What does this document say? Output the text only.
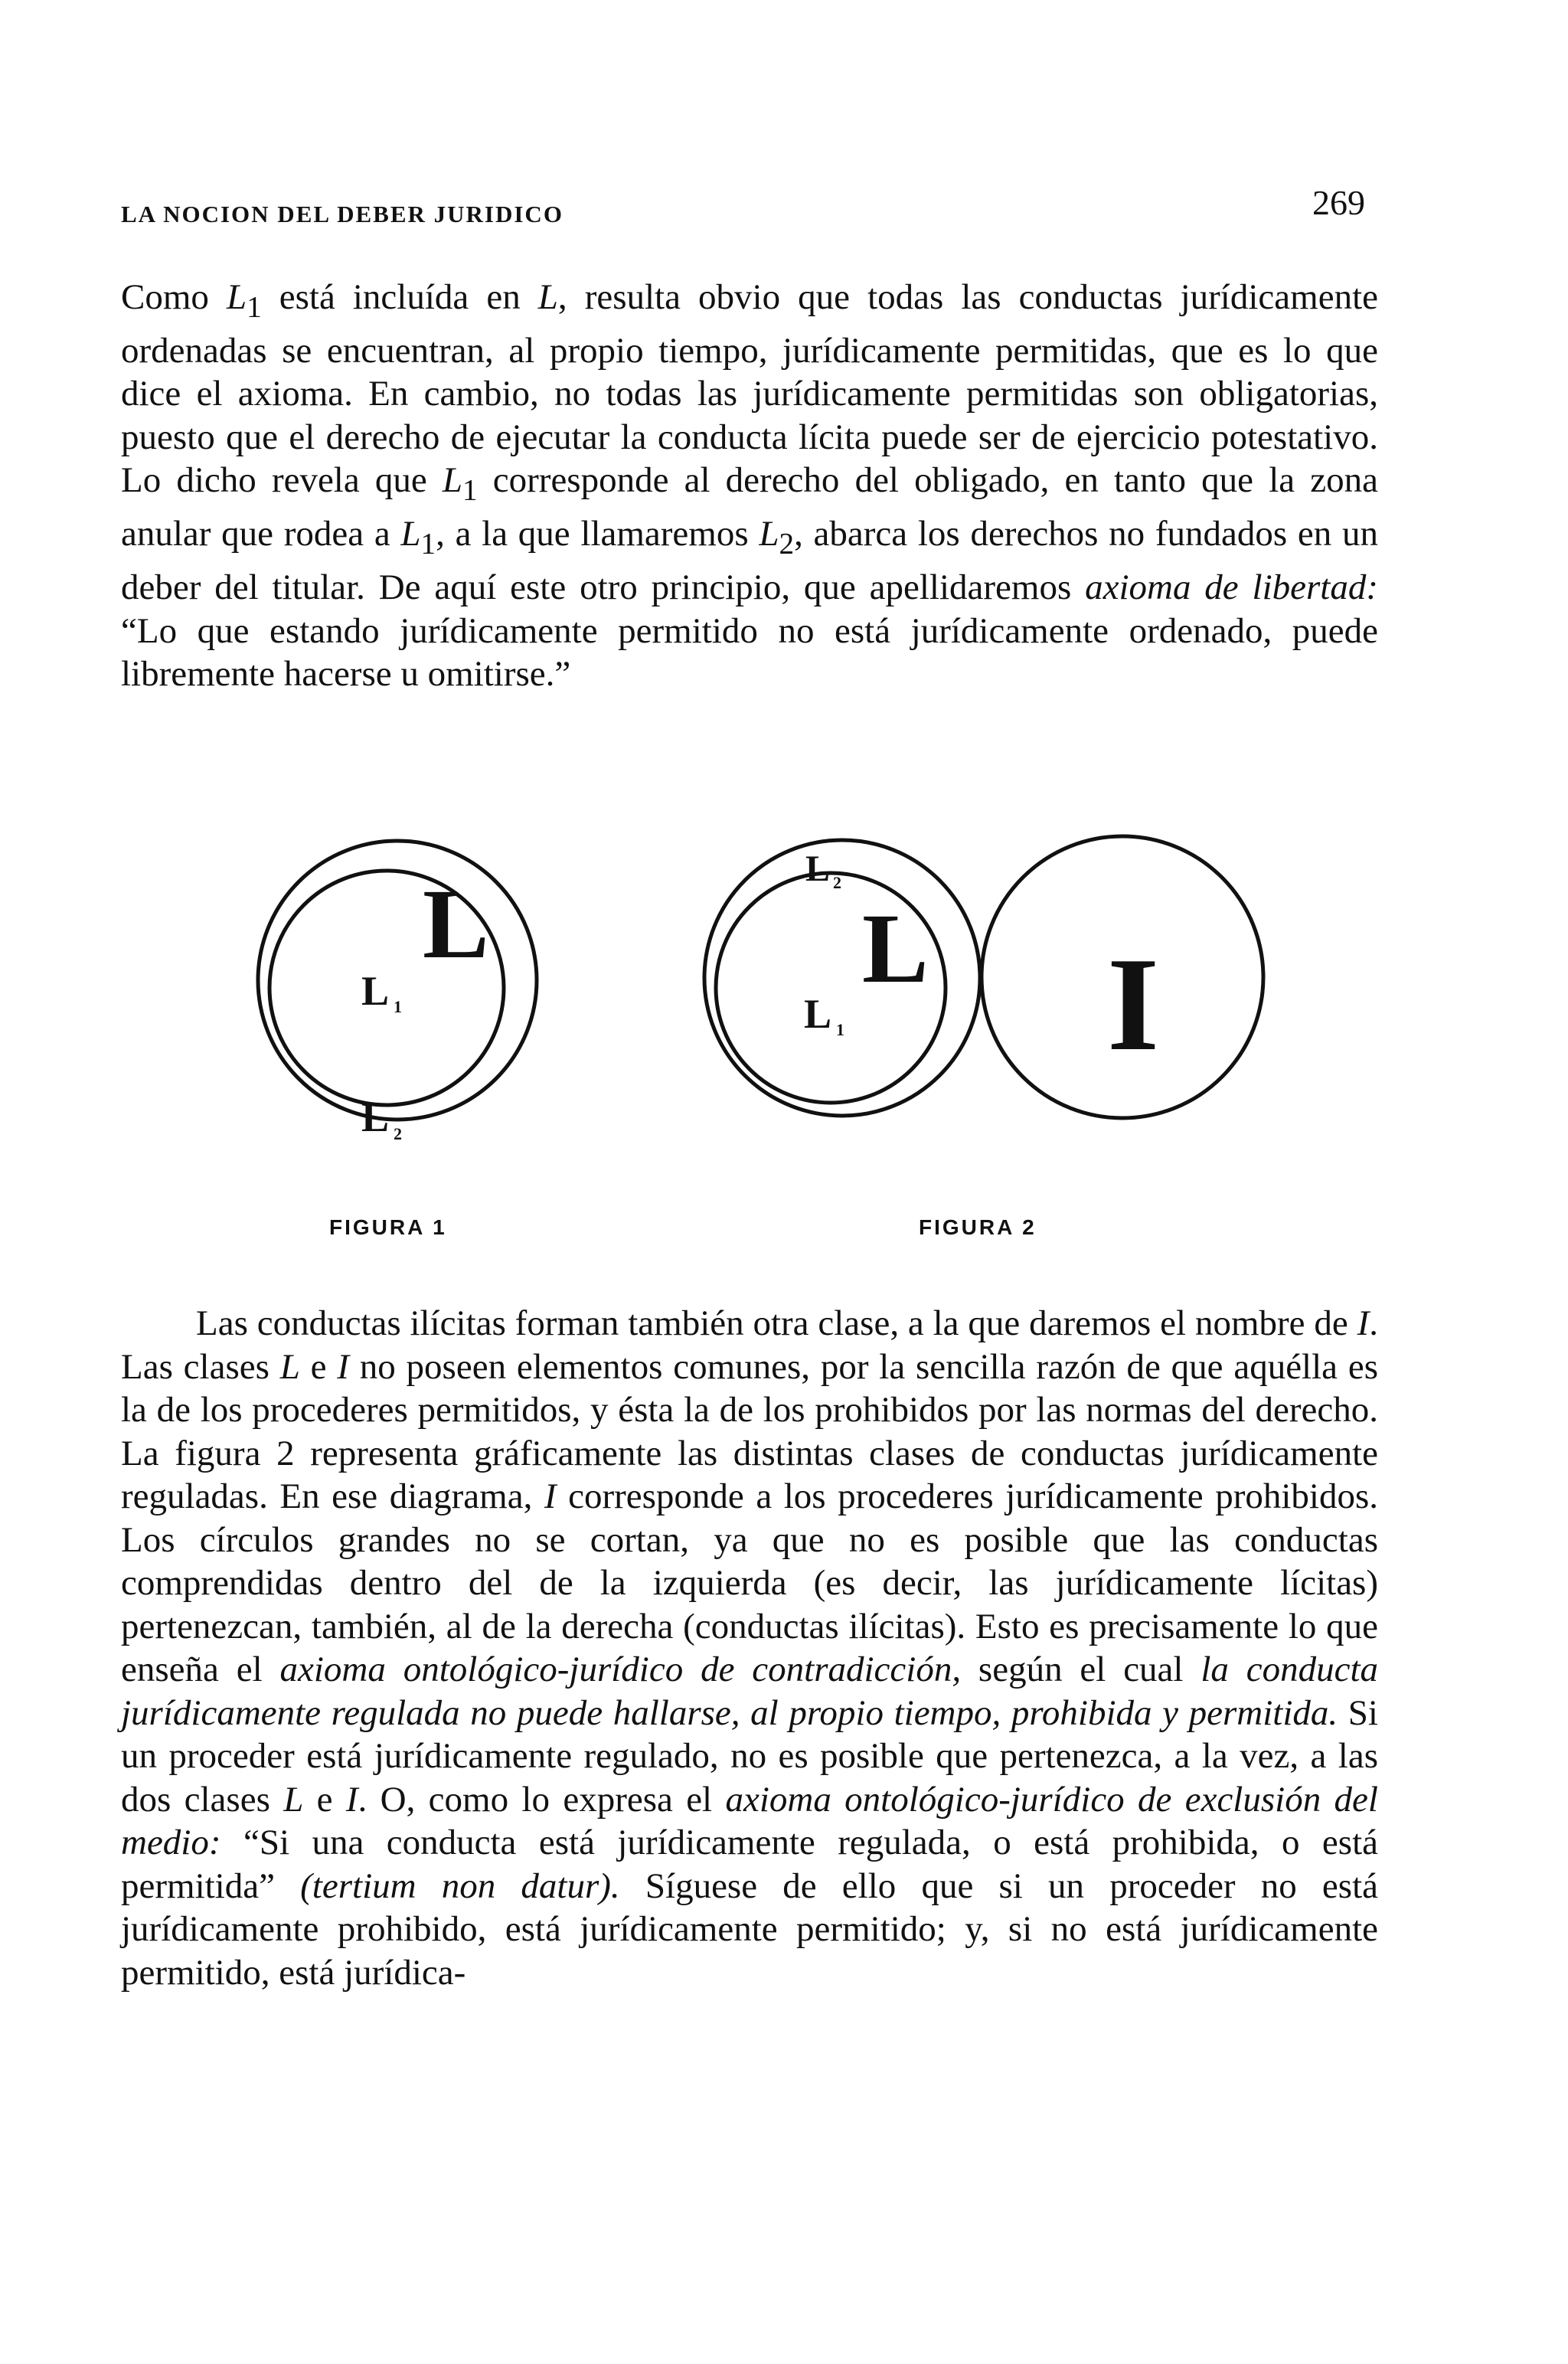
LA NOCION DEL DEBER JURIDICO	269

Como $L_1$ está incluída en L, resulta obvio que todas las conductas jurídicamente ordenadas se encuentran, al propio tiempo, jurídicamente permitidas, que es lo que dice el axioma. En cambio, no todas las jurídicamente permitidas son obligatorias, puesto que el derecho de ejecutar la conducta lícita puede ser de ejercicio potestativo. Lo dicho revela que $L_1$ corresponde al derecho del obligado, en tanto que la zona anular que rodea a $L_1$, a la que llamaremos $L_2$, abarca los derechos no fundados en un deber del titular. De aquí este otro principio, que apellidaremos axioma de libertad: “Lo que estando jurídicamente permitido no está jurídicamente ordenado, puede libremente hacerse u omitirse.”

L
L 1
L 2
L 2
L
L 1 I
FIGURA 1	FIGURA 2

Las conductas ilícitas forman también otra clase, a la que daremos el nombre de I. Las clases L e I no poseen elementos comunes, por la sencilla razón de que aquélla es la de los procederes permitidos, y ésta la de los prohibidos por las normas del derecho. La figura 2 representa gráficamente las distintas clases de conductas jurídicamente reguladas. En ese diagrama, I corresponde a los procederes jurídicamente prohibidos. Los círculos grandes no se cortan, ya que no es posible que las conductas comprendidas dentro del de la izquierda (es decir, las jurídicamente lícitas) pertenezcan, también, al de la derecha (conductas ilícitas). Esto es precisamente lo que enseña el axioma ontológico-jurídico de contradicción, según el cual la conducta jurídicamente regulada no puede hallarse, al propio tiempo, prohibida y permitida. Si un proceder está jurídicamente regulado, no es posible que pertenezca, a la vez, a las dos clases L e I. O, como lo expresa el axioma ontológico-jurídico de exclusión del medio: “Si una conducta está jurídicamente regulada, o está prohibida, o está permitida” (tertium non datur). Síguese de ello que si un proceder no está jurídicamente prohibido, está jurídicamente permitido; y, si no está jurídicamente permitido, está jurídica-
